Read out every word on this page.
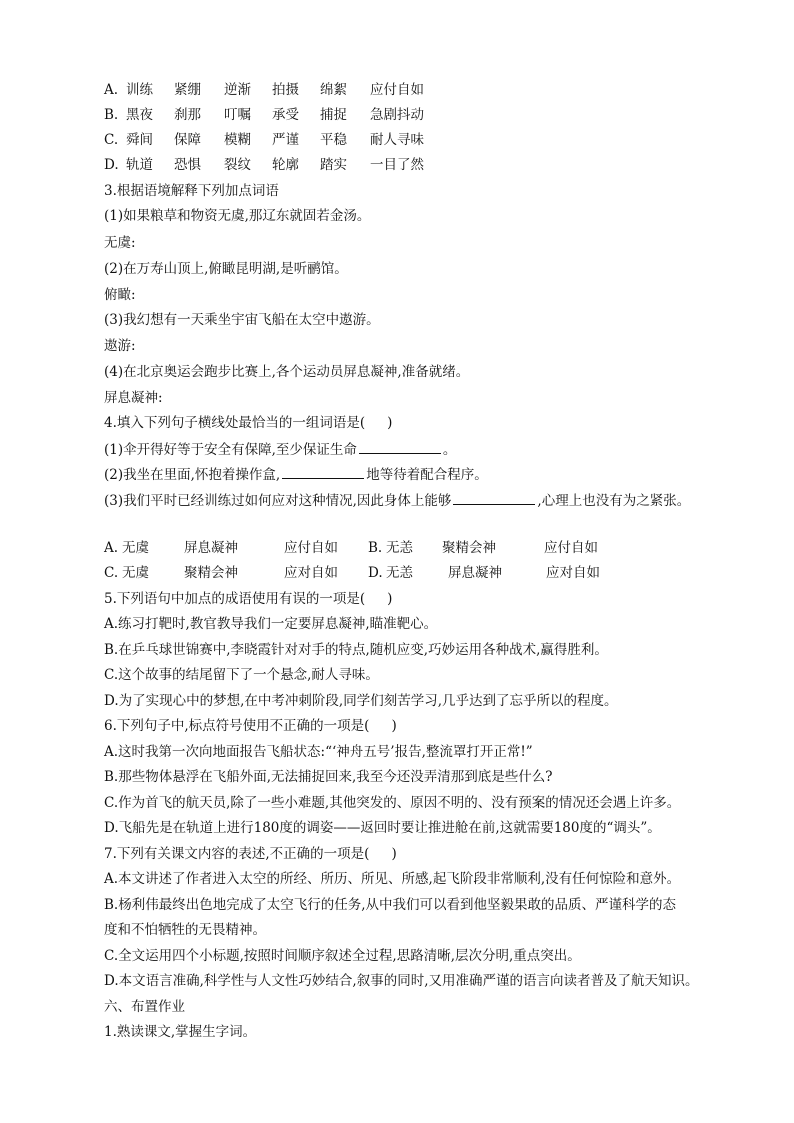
A. 训练 紧绷 逆渐 拍摄 绵絮 应付自如
B. 黑夜 刹那 叮嘱 承受 捕捉 急剧抖动
C. 舜间 保障 模糊 严谨 平稳 耐人寻味
D. 轨道 恐惧 裂纹 轮廓 踏实 一目了然
3.根据语境解释下列加点词语
(1)如果粮草和物资无虞,那辽东就固若金汤。
无虞:
(2)在万寿山顶上,俯瞰昆明湖,是听鹂馆。
俯瞰:
(3)我幻想有一天乘坐宇宙飞船在太空中遨游。
遨游:
(4)在北京奥运会跑步比赛上,各个运动员屏息凝神,准备就绪。
屏息凝神:
4.填入下列句子横线处最恰当的一组词语是( )
(1)伞开得好等于安全有保障,至少保证生命	。
(2)我坐在里面,怀抱着操作盒,	地等待着配合程序。
(3)我们平时已经训练过如何应对这种情况,因此身体上能够	,心理上也没有为之紧张。
A. 无虞	屏息凝神	应付自如 B. 无恙 聚精会神	应付自如
C. 无虞	聚精会神	应对自如 D. 无恙	屏息凝神	应对自如
5.下列语句中加点的成语使用有误的一项是( )
A.练习打靶时,教官教导我们一定要屏息凝神,瞄准靶心。
B.在乒乓球世锦赛中,李晓霞针对对手的特点,随机应变,巧妙运用各种战术,赢得胜利。
C.这个故事的结尾留下了一个悬念,耐人寻味。
D.为了实现心中的梦想,在中考冲刺阶段,同学们刻苦学习,几乎达到了忘乎所以的程度。
6.下列句子中,标点符号使用不正确的一项是( )
A.这时我第一次向地面报告飞船状态:“‘神舟五号’报告,整流罩打开正常!”
B.那些物体悬浮在飞船外面,无法捕捉回来,我至今还没弄清那到底是些什么?
C.作为首飞的航天员,除了一些小难题,其他突发的、原因不明的、没有预案的情况还会遇上许多。
D.飞船先是在轨道上进行180度的调姿——返回时要让推进舱在前,这就需要180度的“调头”。
7.下列有关课文内容的表述,不正确的一项是( )
A.本文讲述了作者进入太空的所经、所历、所见、所感,起飞阶段非常顺利,没有任何惊险和意外。
B.杨利伟最终出色地完成了太空飞行的任务,从中我们可以看到他坚毅果敢的品质、严谨科学的态
度和不怕牺牲的无畏精神。
C.全文运用四个小标题,按照时间顺序叙述全过程,思路清晰,层次分明,重点突出。
D.本文语言准确,科学性与人文性巧妙结合,叙事的同时,又用准确严谨的语言向读者普及了航天知识。
六、布置作业
1.熟读课文,掌握生字词。
